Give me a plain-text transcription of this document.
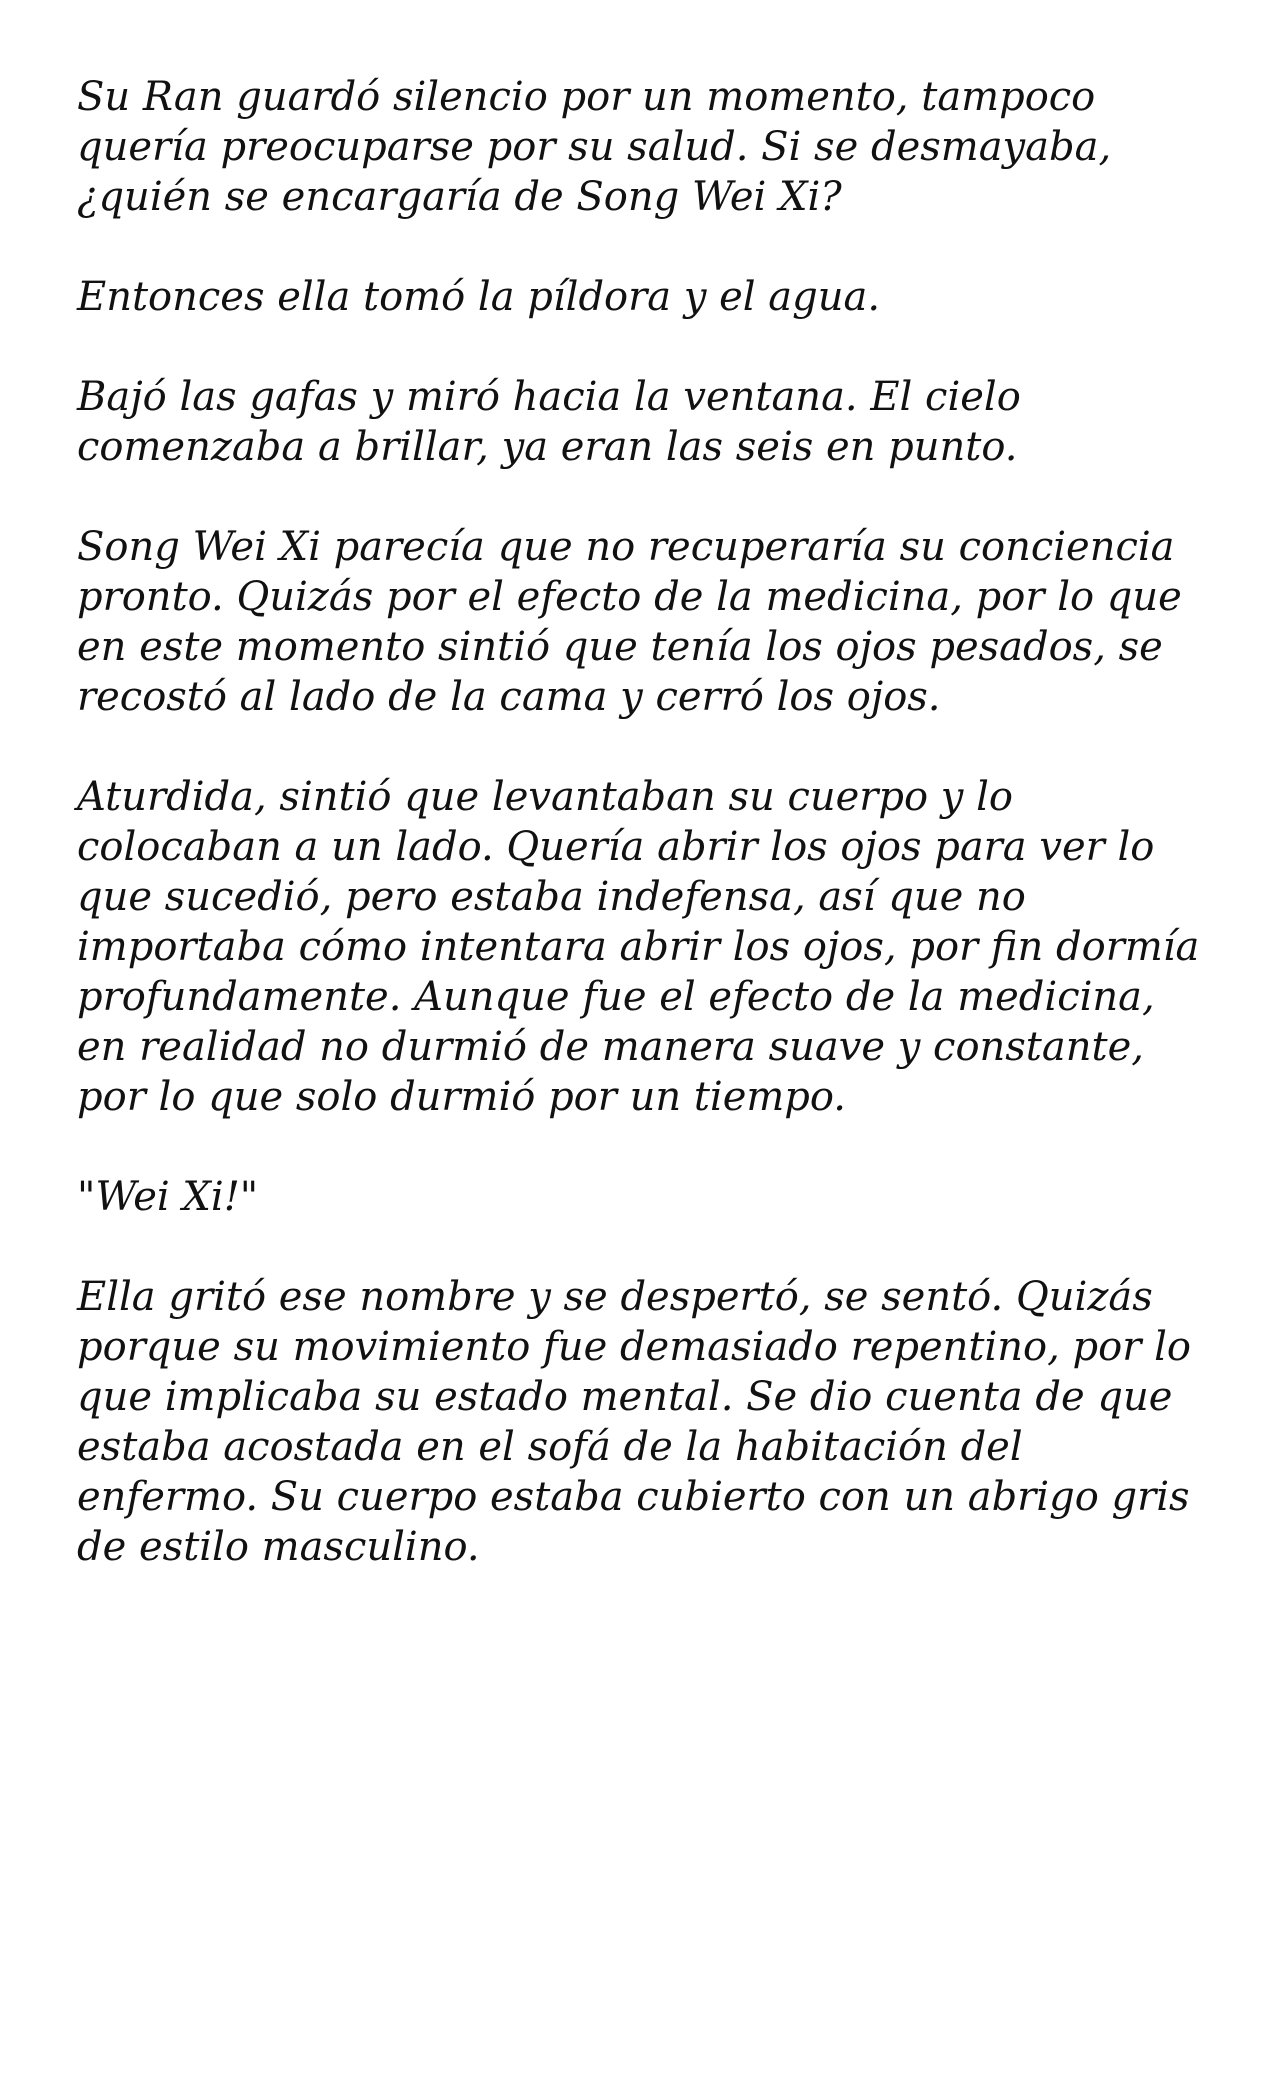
Su Ran guardó silencio por un momento, tampoco quería preocuparse por su salud. Si se desmayaba, ¿quién se encargaría de Song Wei Xi?

Entonces ella tomó la píldora y el agua.

Bajó las gafas y miró hacia la ventana. El cielo comenzaba a brillar, ya eran las seis en punto.

Song Wei Xi parecía que no recuperaría su conciencia pronto. Quizás por el efecto de la medicina, por lo que en este momento sintió que tenía los ojos pesados, se recostó al lado de la cama y cerró los ojos.

Aturdida, sintió que levantaban su cuerpo y lo colocaban a un lado. Quería abrir los ojos para ver lo que sucedió, pero estaba indefensa, así que no importaba cómo intentara abrir los ojos, por fin dormía profundamente. Aunque fue el efecto de la medicina, en realidad no durmió de manera suave y constante, por lo que solo durmió por un tiempo.

"Wei Xi!"

Ella gritó ese nombre y se despertó, se sentó. Quizás porque su movimiento fue demasiado repentino, por lo que implicaba su estado mental. Se dio cuenta de que estaba acostada en el sofá de la habitación del enfermo. Su cuerpo estaba cubierto con un abrigo gris de estilo masculino.
